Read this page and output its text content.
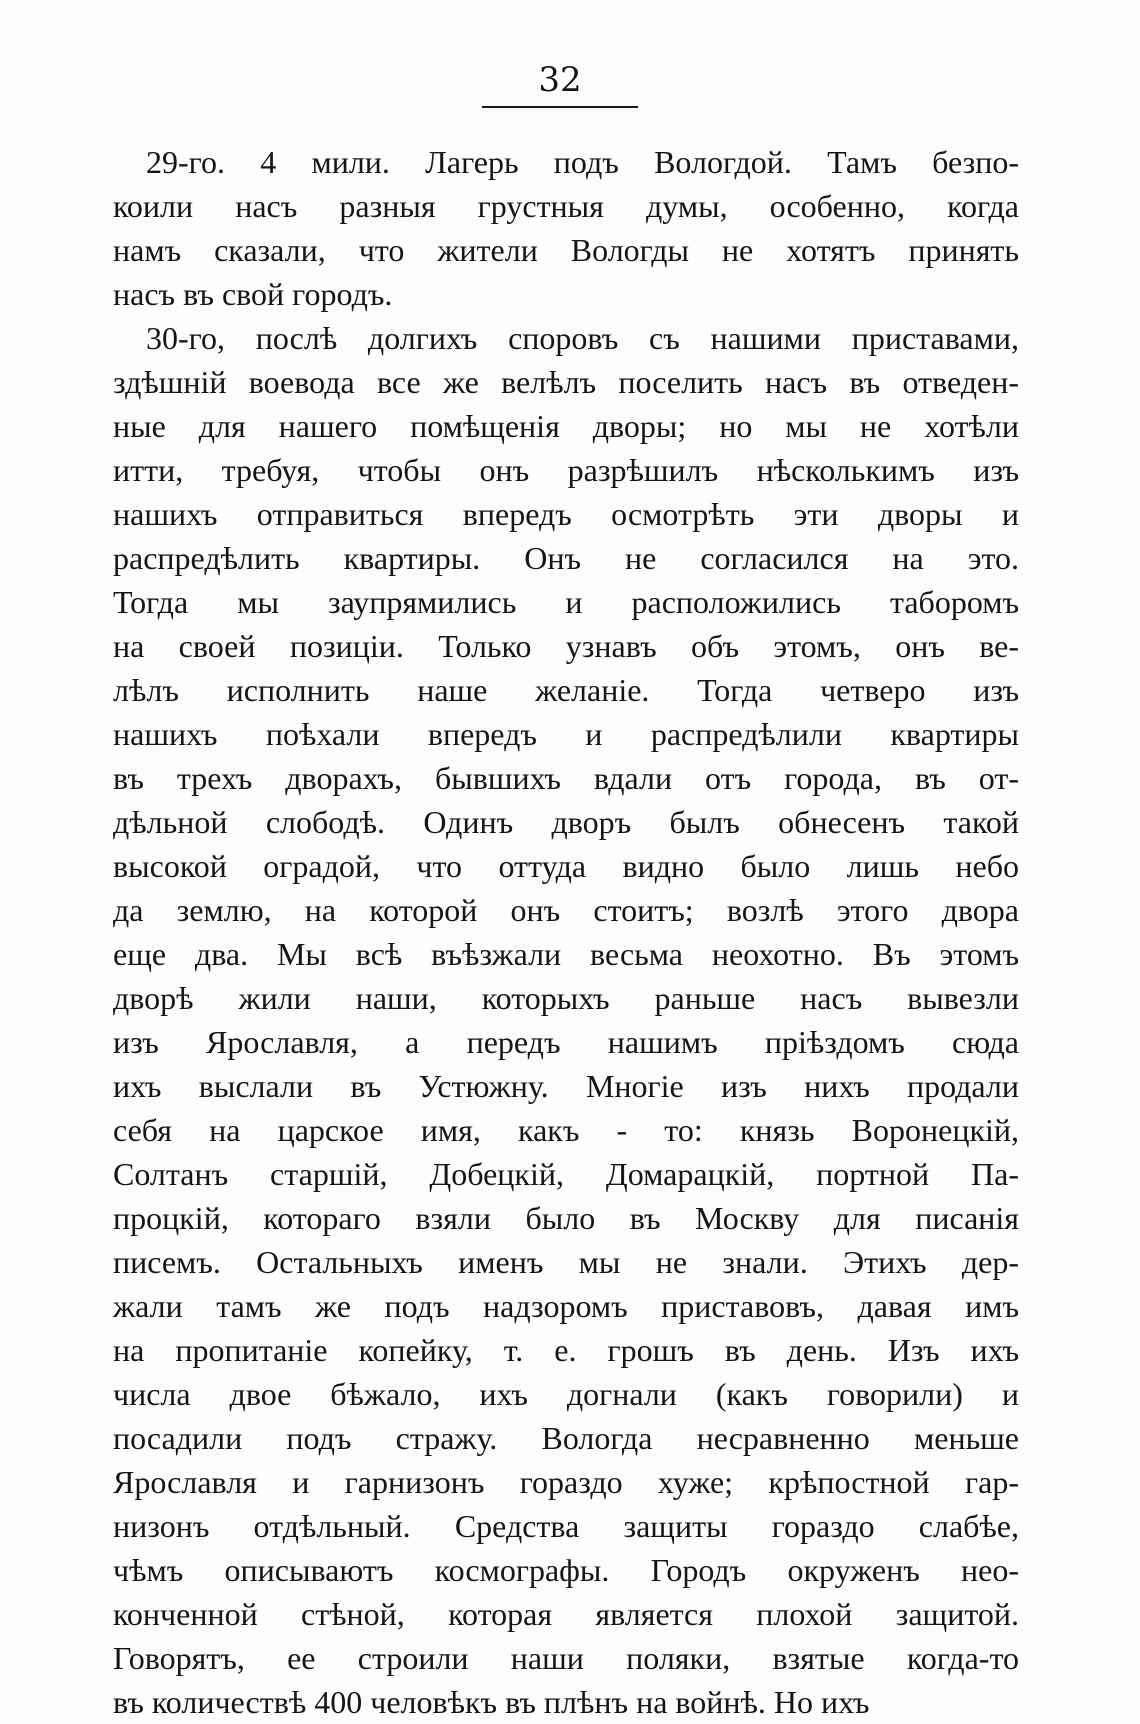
32
29-го. 4 мили. Лагерь подъ Вологдой. Тамъ безпо-
коили насъ разныя грустныя думы, особенно, когда
намъ сказали, что жители Вологды не хотятъ принять
насъ въ свой городъ.
30-го, послѣ долгихъ споровъ съ нашими приставами,
здѣшній воевода все же велѣлъ поселить насъ въ отведен-
ные для нашего помѣщенія дворы; но мы не хотѣли
итти, требуя, чтобы онъ разрѣшилъ нѣсколькимъ изъ
нашихъ отправиться впередъ осмотрѣть эти дворы и
распредѣлить квартиры. Онъ не согласился на это.
Тогда мы заупрямились и расположились таборомъ
на своей позиціи. Только узнавъ объ этомъ, онъ ве-
лѣлъ исполнить наше желаніе. Тогда четверо изъ
нашихъ поѣхали впередъ и распредѣлили квартиры
въ трехъ дворахъ, бывшихъ вдали отъ города, въ от-
дѣльной слободѣ. Одинъ дворъ былъ обнесенъ такой
высокой оградой, что оттуда видно было лишь небо
да землю, на которой онъ стоитъ; возлѣ этого двора
еще два. Мы всѣ въѣзжали весьма неохотно. Въ этомъ
дворѣ жили наши, которыхъ раньше насъ вывезли
изъ Ярославля, а передъ нашимъ пріѣздомъ сюда
ихъ выслали въ Устюжну. Многіе изъ нихъ продали
себя на царское имя, какъ - то: князь Воронецкій,
Солтанъ старшій, Добецкій, Домарацкій, портной Па-
процкій, котораго взяли было въ Москву для писанія
писемъ. Остальныхъ именъ мы не знали. Этихъ дер-
жали тамъ же подъ надзоромъ приставовъ, давая имъ
на пропитаніе копейку, т. е. грошъ въ день. Изъ ихъ
числа двое бѣжало, ихъ догнали (какъ говорили) и
посадили подъ стражу. Вологда несравненно меньше
Ярославля и гарнизонъ гораздо хуже; крѣпостной гар-
низонъ отдѣльный. Средства защиты гораздо слабѣе,
чѣмъ описываютъ космографы. Городъ окруженъ нео-
конченной стѣной, которая является плохой защитой.
Говорятъ, ее строили наши поляки, взятые когда-то
въ количествѣ 400 человѣкъ въ плѣнъ на войнѣ. Но ихъ
